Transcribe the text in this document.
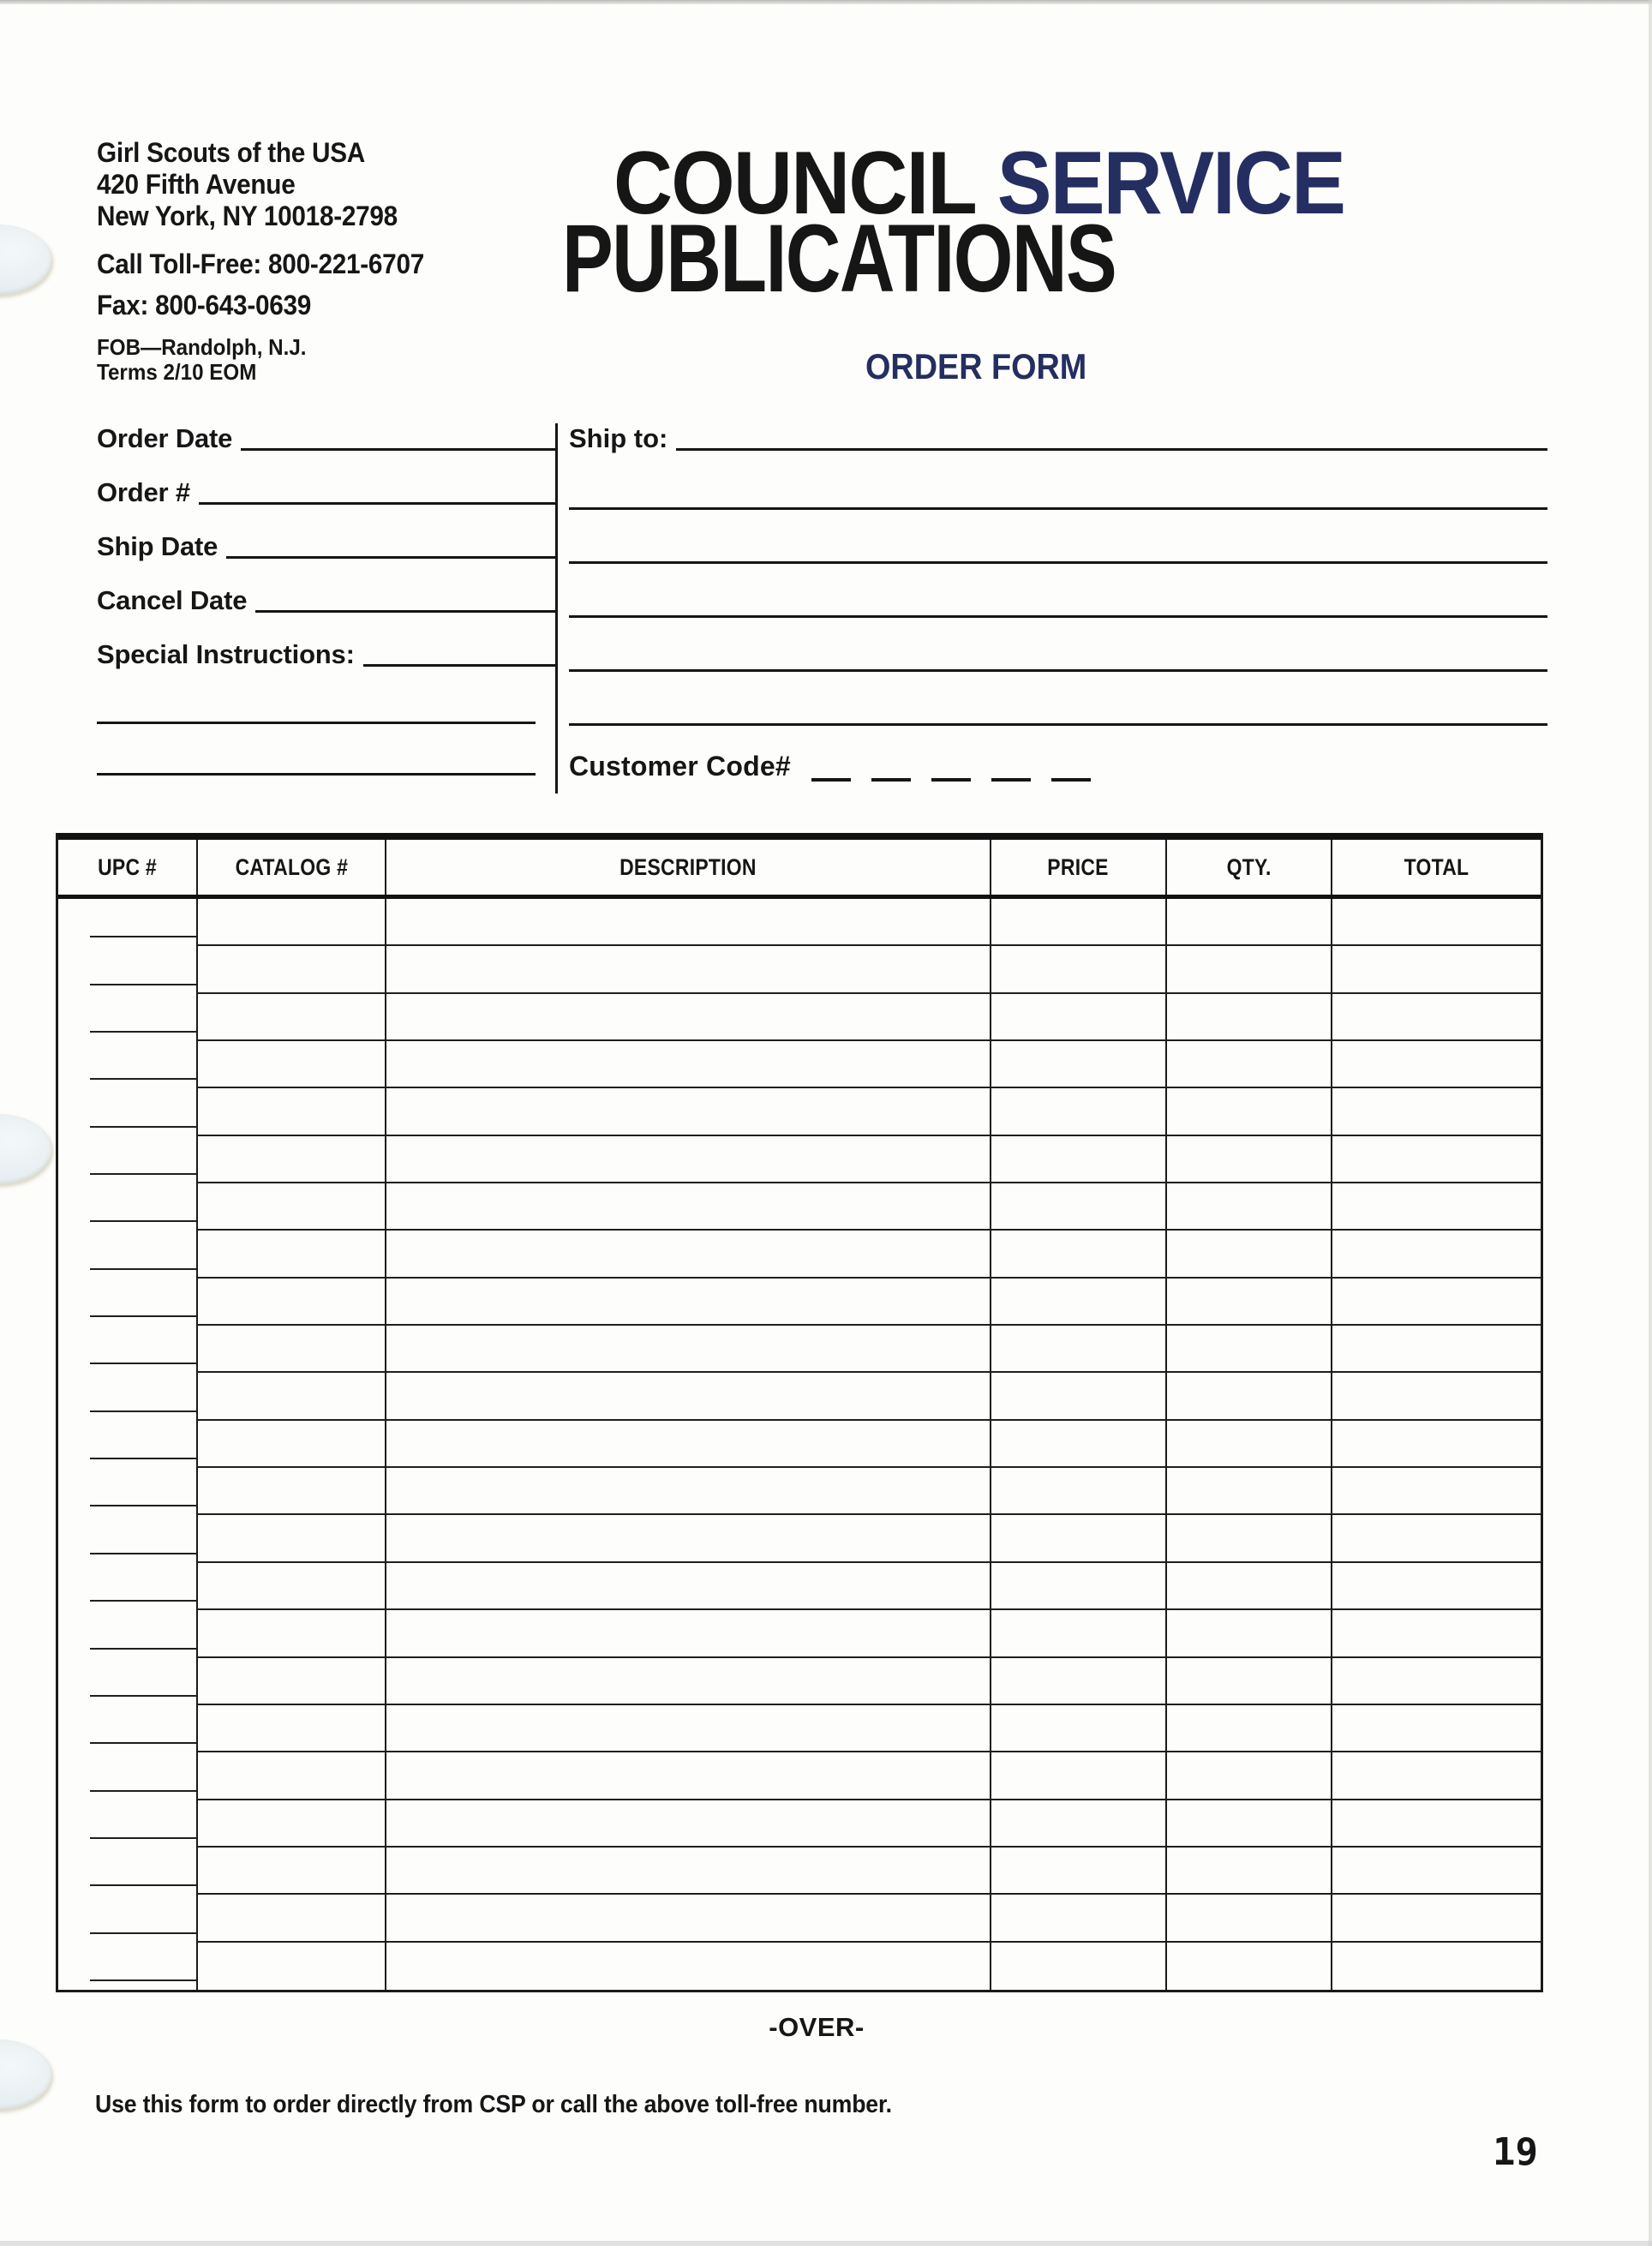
Girl Scouts of the USA
420 Fifth Avenue
New York, NY 10018-2798
Call Toll-Free: 800-221-6707
Fax: 800-643-0639
FOB—Randolph, N.J.
Terms 2/10 EOM
COUNCIL SERVICE
PUBLICATIONS
ORDER FORM
Order Date
Order #
Ship Date
Cancel Date
Special Instructions:
Ship to:
Customer Code#
UPC #	CATALOG #	DESCRIPTION	PRICE	QTY.	TOTAL
-OVER-
Use this form to order directly from CSP or call the above toll-free number.
19
